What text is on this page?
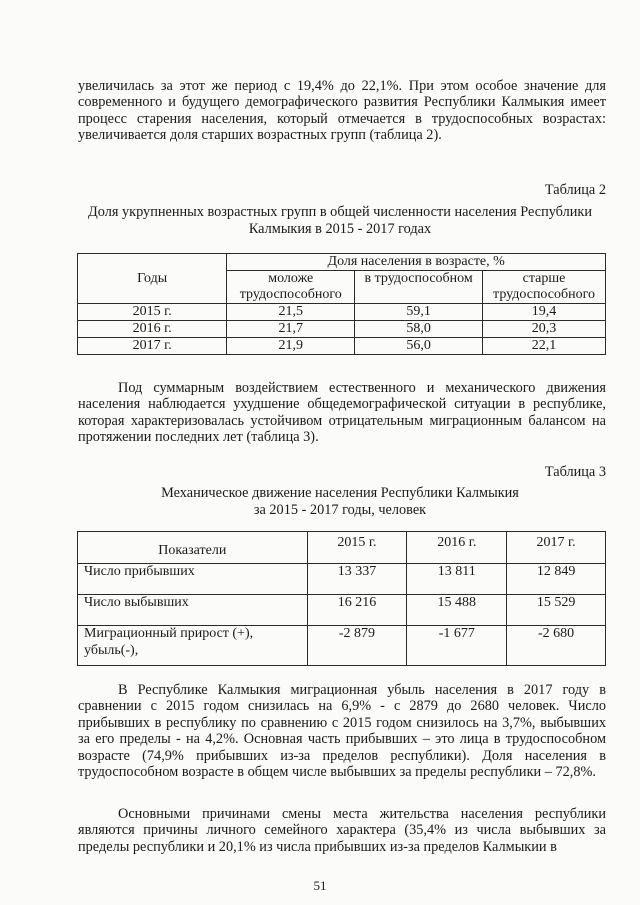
увеличилась за этот же период с 19,4% до 22,1%. При этом особое значение для современного и будущего демографического развития Республики Калмыкия имеет процесс старения населения, который отмечается в трудоспособных возрастах: увеличивается доля старших возрастных групп (таблица 2).

Таблица 2

Доля укрупненных возрастных групп в общей численности населения Республики Калмыкия в 2015 - 2017 годах

Годы	Доля населения в возрасте, %		
	моложе трудоспособного	в трудоспособном	старше трудоспособного
2015 г.	21,5	59,1	19,4
2016 г.	21,7	58,0	20,3
2017 г.	21,9	56,0	22,1

Под суммарным воздействием естественного и механического движения населения наблюдается ухудшение общедемографической ситуации в республике, которая характеризовалась устойчивом отрицательным миграционным балансом на протяжении последних лет (таблица 3).

Таблица 3

Механическое движение населения Республики Калмыкия

за 2015 - 2017 годы, человек

Показатели	2015 г.	2016 г.	2017 г.
Число прибывших	13 337	13 811	12 849
Число выбывших	16 216	15 488	15 529
Миграционный прирост (+), убыль(-),	-2 879	-1 677	-2 680

В Республике Калмыкия миграционная убыль населения в 2017 году в сравнении с 2015 годом снизилась на 6,9% - с 2879 до 2680 человек. Число прибывших в республику по сравнению с 2015 годом снизилось на 3,7%, выбывших за его пределы - на 4,2%. Основная часть прибывших – это лица в трудоспособном возрасте (74,9% прибывших из-за пределов республики). Доля населения в трудоспособном возрасте в общем числе выбывших за пределы республики – 72,8%.

Основными причинами смены места жительства населения республики являются причины личного семейного характера (35,4% из числа выбывших за пределы республики и 20,1% из числа прибывших из-за пределов Калмыкии в

51
